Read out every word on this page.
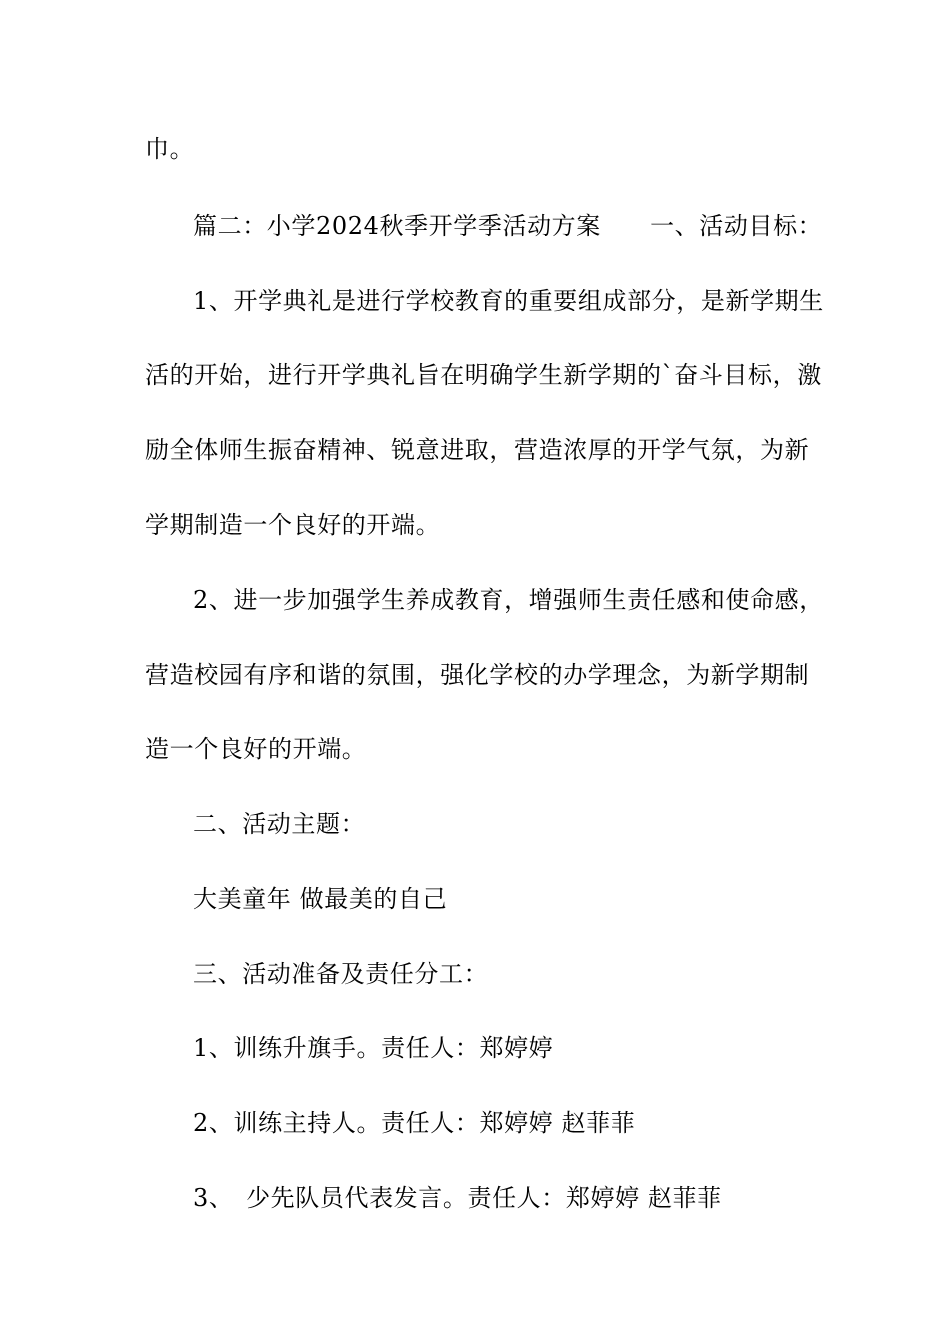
巾。

篇二：小学2024秋季开学季活动方案　　一、活动目标：

1、开学典礼是进行学校教育的重要组成部分，是新学期生

活的开始，进行开学典礼旨在明确学生新学期的`奋斗目标，激

励全体师生振奋精神、锐意进取，营造浓厚的开学气氛，为新

学期制造一个良好的开端。

2、进一步加强学生养成教育，增强师生责任感和使命感，

营造校园有序和谐的氛围，强化学校的办学理念，为新学期制

造一个良好的开端。

二、活动主题：

大美童年 做最美的自己

三、活动准备及责任分工：

1、训练升旗手。责任人：郑婷婷

2、训练主持人。责任人：郑婷婷 赵菲菲

3、　少先队员代表发言。责任人：郑婷婷 赵菲菲
